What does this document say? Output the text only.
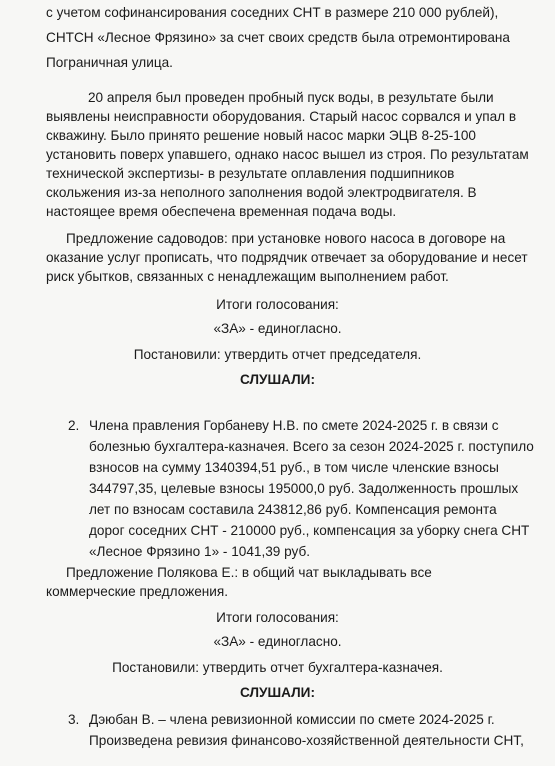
с учетом софинансирования соседних СНТ в размере 210 000 рублей),
СНТСН «Лесное Фрязино» за счет своих средств была отремонтирована
Пограничная улица.
20 апреля был проведен пробный пуск воды, в результате были
выявлены неисправности оборудования. Старый насос сорвался и упал в
скважину. Было принято решение новый насос марки ЭЦВ 8-25-100
установить поверх упавшего, однако насос вышел из строя. По результатам
технической экспертизы- в результате оплавления подшипников
скольжения из-за неполного заполнения водой электродвигателя. В
настоящее время обеспечена временная подача воды.
Предложение садоводов: при установке нового насоса в договоре на
оказание услуг прописать, что подрядчик отвечает за оборудование и несет
риск убытков, связанных с ненадлежащим выполнением работ.
Итоги голосования:
«ЗА» - единогласно.
Постановили: утвердить отчет председателя.
СЛУШАЛИ:
2. Члена правления Горбаневу Н.В. по смете 2024-2025 г. в связи с
болезнью бухгалтера-казначея. Всего за сезон 2024-2025 г. поступило
взносов на сумму 1340394,51 руб., в том числе членские взносы
344797,35, целевые взносы 195000,0 руб. Задолженность прошлых
лет по взносам составила 243812,86 руб. Компенсация ремонта
дорог соседних СНТ - 210000 руб., компенсация за уборку снега СНТ
«Лесное Фрязино 1» - 1041,39 руб.
Предложение Полякова Е.: в общий чат выкладывать все
коммерческие предложения.
Итоги голосования:
«ЗА» - единогласно.
Постановили: утвердить отчет бухгалтера-казначея.
СЛУШАЛИ:
3. Дэюбан В. – члена ревизионной комиссии по смете 2024-2025 г.
Произведена ревизия финансово-хозяйственной деятельности СНТ,
